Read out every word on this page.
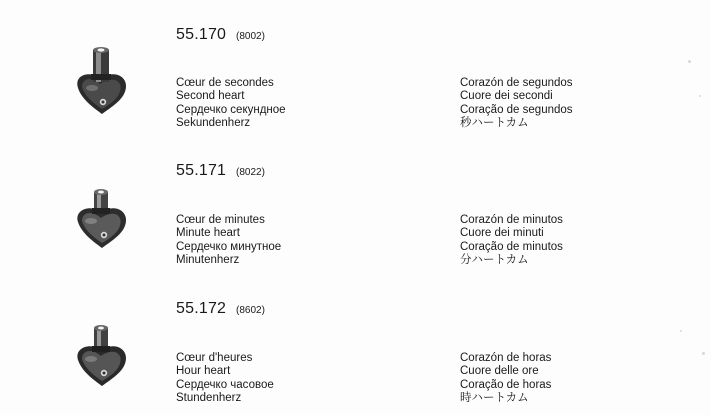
55.170 (8002)
Cœur de secondes
Second heart
Сердечко секундное
Sekundenherz
Corazón de segundos
Cuore dei secondi
Coração de segundos
秒ハートカム
55.171 (8022)
Cœur de minutes
Minute heart
Сердечко минутное
Minutenherz
Corazón de minutos
Cuore dei minuti
Coração de minutos
分ハートカム
55.172 (8602)
Cœur d'heures
Hour heart
Сердечко часовое
Stundenherz
Corazón de horas
Cuore delle ore
Coração de horas
時ハートカム
